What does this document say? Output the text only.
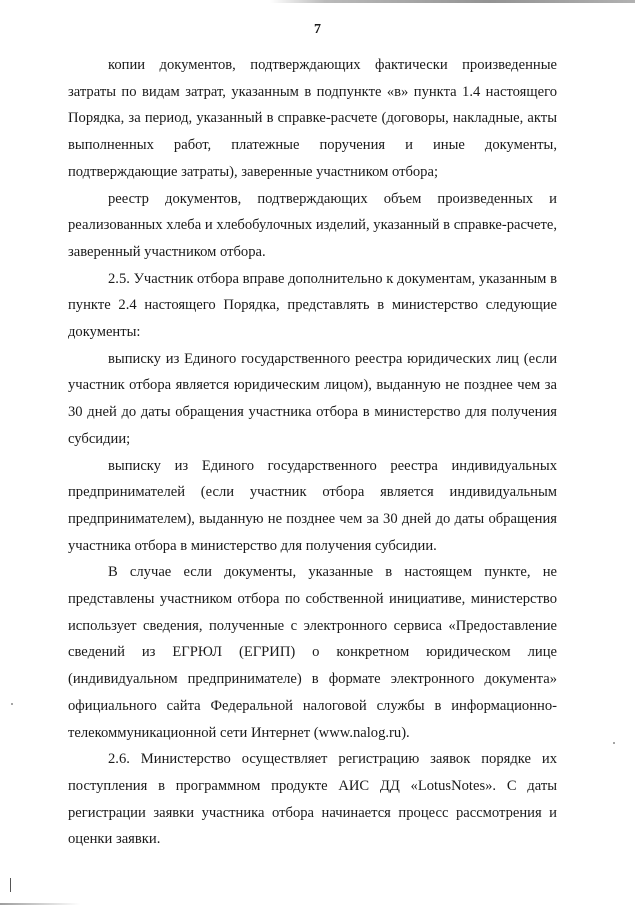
7

копии документов, подтверждающих фактически произведенные затраты по видам затрат, указанным в подпункте «в» пункта 1.4 настоящего Порядка, за период, указанный в справке-расчете (договоры, накладные, акты выполненных работ, платежные поручения и иные документы, подтверждающие затраты), заверенные участником отбора;

реестр документов, подтверждающих объем произведенных и реализованных хлеба и хлебобулочных изделий, указанный в справке-расчете, заверенный участником отбора.

2.5. Участник отбора вправе дополнительно к документам, указанным в пункте 2.4 настоящего Порядка, представлять в министерство следующие документы:

выписку из Единого государственного реестра юридических лиц (если участник отбора является юридическим лицом), выданную не позднее чем за 30 дней до даты обращения участника отбора в министерство для получения субсидии;

выписку из Единого государственного реестра индивидуальных предпринимателей (если участник отбора является индивидуальным предпринимателем), выданную не позднее чем за 30 дней до даты обращения участника отбора в министерство для получения субсидии.

В случае если документы, указанные в настоящем пункте, не представлены участником отбора по собственной инициативе, министерство использует сведения, полученные с электронного сервиса «Предоставление сведений из ЕГРЮЛ (ЕГРИП) о конкретном юридическом лице (индивидуальном предпринимателе) в формате электронного документа» официального сайта Федеральной налоговой службы в информационно-телекоммуникационной сети Интернет (www.nalog.ru).

2.6. Министерство осуществляет регистрацию заявок порядке их поступления в программном продукте АИС ДД «LotusNotes». С даты регистрации заявки участника отбора начинается процесс рассмотрения и оценки заявки.
